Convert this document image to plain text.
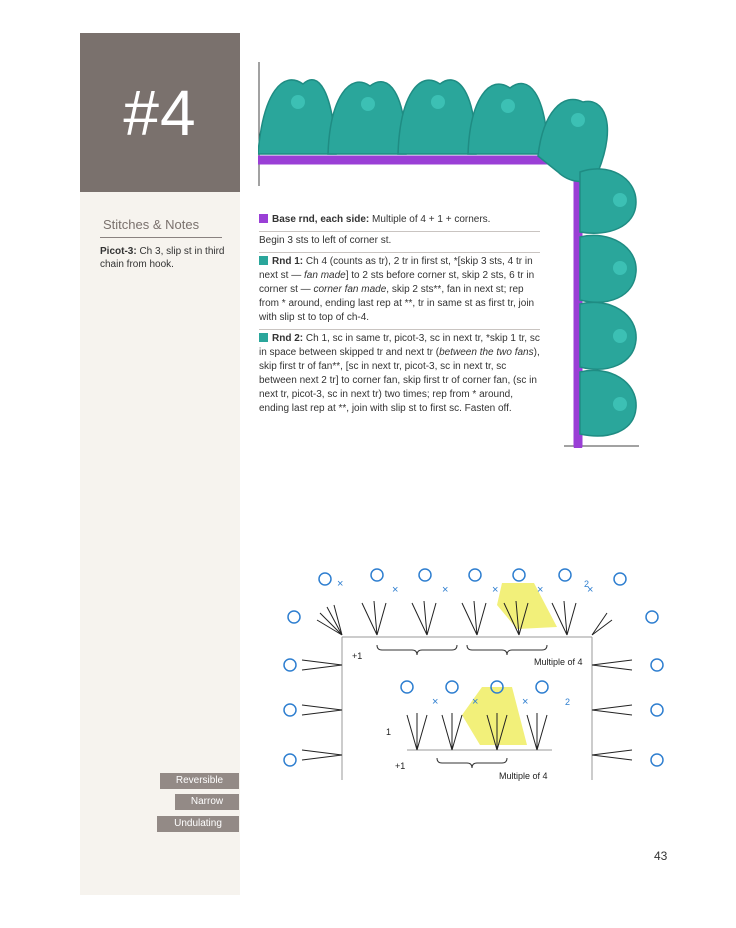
#4
Stitches & Notes
Picot-3: Ch 3, slip st in third chain from hook.
Reversible
Narrow
Undulating
Base rnd, each side: Multiple of 4 + 1 + corners.
Begin 3 sts to left of corner st.
Rnd 1: Ch 4 (counts as tr), 2 tr in first st, *[skip 3 sts, 4 tr in next st — fan made] to 2 sts before corner st, skip 2 sts, 6 tr in corner st — corner fan made, skip 2 sts**, fan in next st; rep from * around, ending last rep at **, tr in same st as first tr, join with slip st to top of ch-4.
Rnd 2: Ch 1, sc in same tr, picot-3, sc in next tr, *skip 1 tr, sc in space between skipped tr and next tr (between the two fans), skip first tr of fan**, [sc in next tr, picot-3, sc in next tr, sc between next 2 tr] to corner fan, skip first tr of corner fan, (sc in next tr, picot-3, sc in next tr) two times; rep from * around, ending last rep at **, join with slip st to first sc. Fasten off.
×	×	×	×	×	×
×	×	×
+1
Multiple of 4
+1
Multiple of 4
1
2
2
43
